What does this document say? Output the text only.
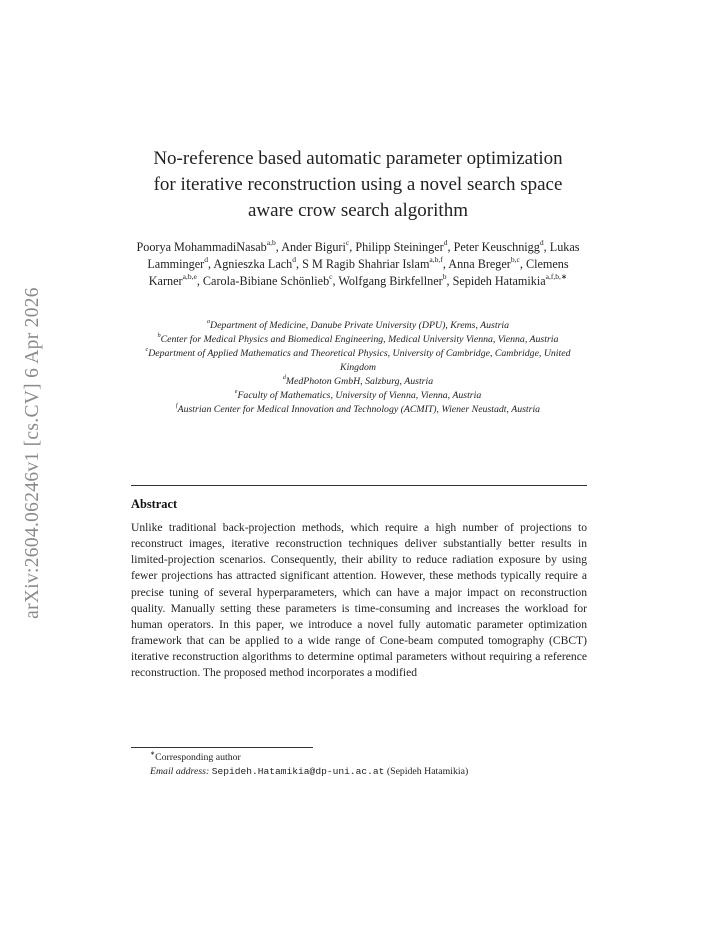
arXiv:2604.06246v1 [cs.CV] 6 Apr 2026
No-reference based automatic parameter optimization
for iterative reconstruction using a novel search space
aware crow search algorithm
Poorya MohammadiNasab$^{a,b}$, Ander Biguri$^c$, Philipp Steininger$^d$, Peter Keuschnigg$^d$, Lukas Lamminger$^d$, Agnieszka Lach$^d$, S M Ragib Shahriar Islam$^{a,b,f}$, Anna Breger$^{b,c}$, Clemens Karner$^{a,b,e}$, Carola-Bibiane Schönlieb$^c$, Wolfgang Birkfellner$^b$, Sepideh Hatamikia$^{a,f,b,∗}$
$^a$Department of Medicine, Danube Private University (DPU), Krems, Austria
$^b$Center for Medical Physics and Biomedical Engineering, Medical University Vienna, Vienna, Austria
$^c$Department of Applied Mathematics and Theoretical Physics, University of Cambridge, Cambridge, United Kingdom
$^d$MedPhoton GmbH, Salzburg, Austria
$^e$Faculty of Mathematics, University of Vienna, Vienna, Austria
$^f$Austrian Center for Medical Innovation and Technology (ACMIT), Wiener Neustadt, Austria
Abstract
Unlike traditional back-projection methods, which require a high number of projections to reconstruct images, iterative reconstruction techniques deliver substantially better results in limited-projection scenarios. Consequently, their ability to reduce radiation exposure by using fewer projections has attracted significant attention. However, these methods typically require a precise tuning of several hyperparameters, which can have a major impact on reconstruction quality. Manually setting these parameters is time-consuming and increases the workload for human operators. In this paper, we introduce a novel fully automatic parameter optimization framework that can be applied to a wide range of Cone-beam computed tomography (CBCT) iterative reconstruction algorithms to determine optimal parameters without requiring a reference reconstruction. The proposed method incorporates a modified
∗Corresponding author
Email address: Sepideh.Hatamikia@dp-uni.ac.at (Sepideh Hatamikia)
